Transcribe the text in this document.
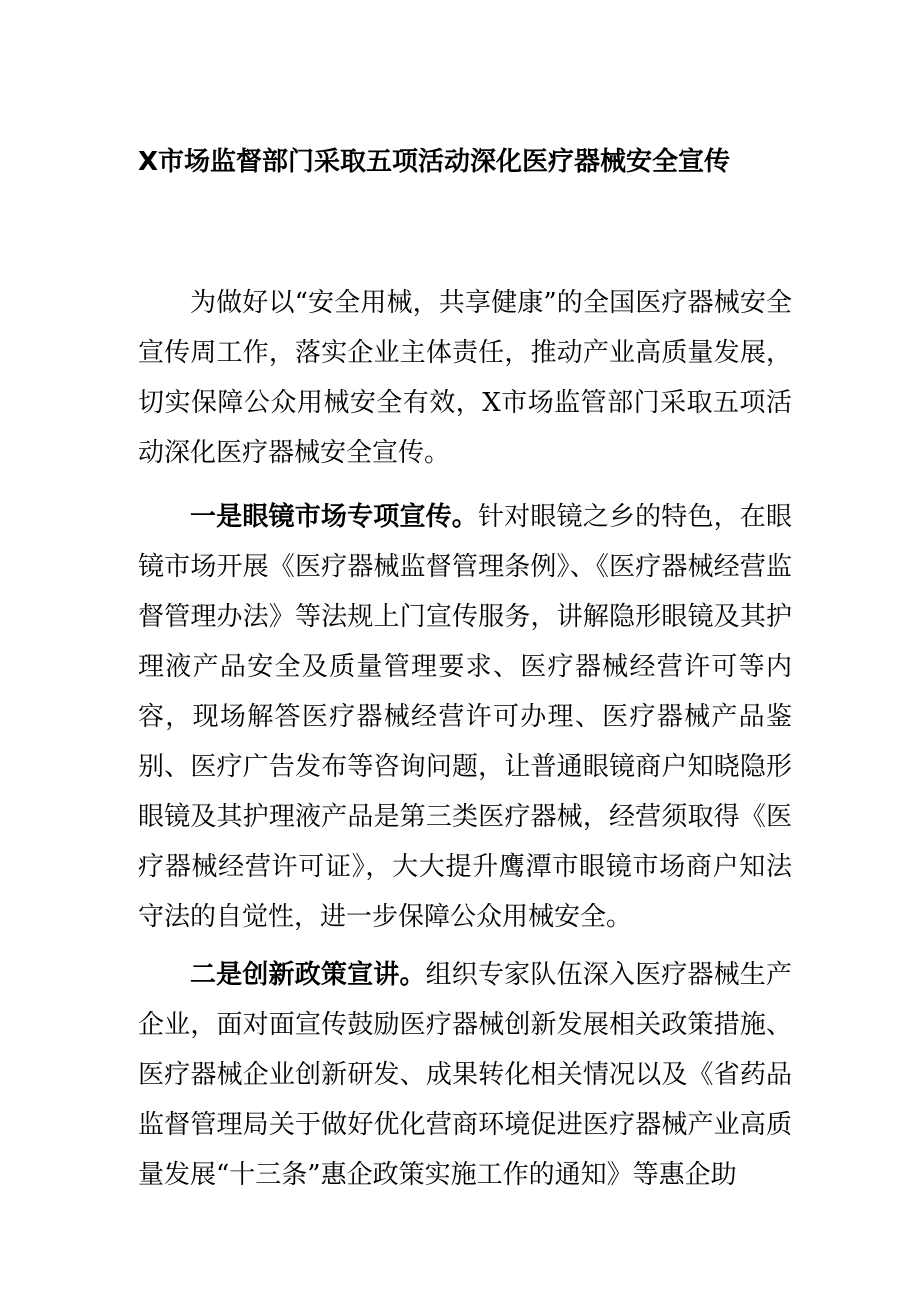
X市场监督部门采取五项活动深化医疗器械安全宣传

为做好以“安全用械，共享健康”的全国医疗器械安全宣传周工作，落实企业主体责任，推动产业高质量发展，切实保障公众用械安全有效，X市场监管部门采取五项活动深化医疗器械安全宣传。

一是眼镜市场专项宣传。针对眼镜之乡的特色，在眼镜市场开展《医疗器械监督管理条例》、《医疗器械经营监督管理办法》等法规上门宣传服务，讲解隐形眼镜及其护理液产品安全及质量管理要求、医疗器械经营许可等内容，现场解答医疗器械经营许可办理、医疗器械产品鉴别、医疗广告发布等咨询问题，让普通眼镜商户知晓隐形眼镜及其护理液产品是第三类医疗器械，经营须取得《医疗器械经营许可证》，大大提升鹰潭市眼镜市场商户知法守法的自觉性，进一步保障公众用械安全。

二是创新政策宣讲。组织专家队伍深入医疗器械生产企业，面对面宣传鼓励医疗器械创新发展相关政策措施、医疗器械企业创新研发、成果转化相关情况以及《省药品监督管理局关于做好优化营商环境促进医疗器械产业高质量发展“十三条”惠企政策实施工作的通知》等惠企助
